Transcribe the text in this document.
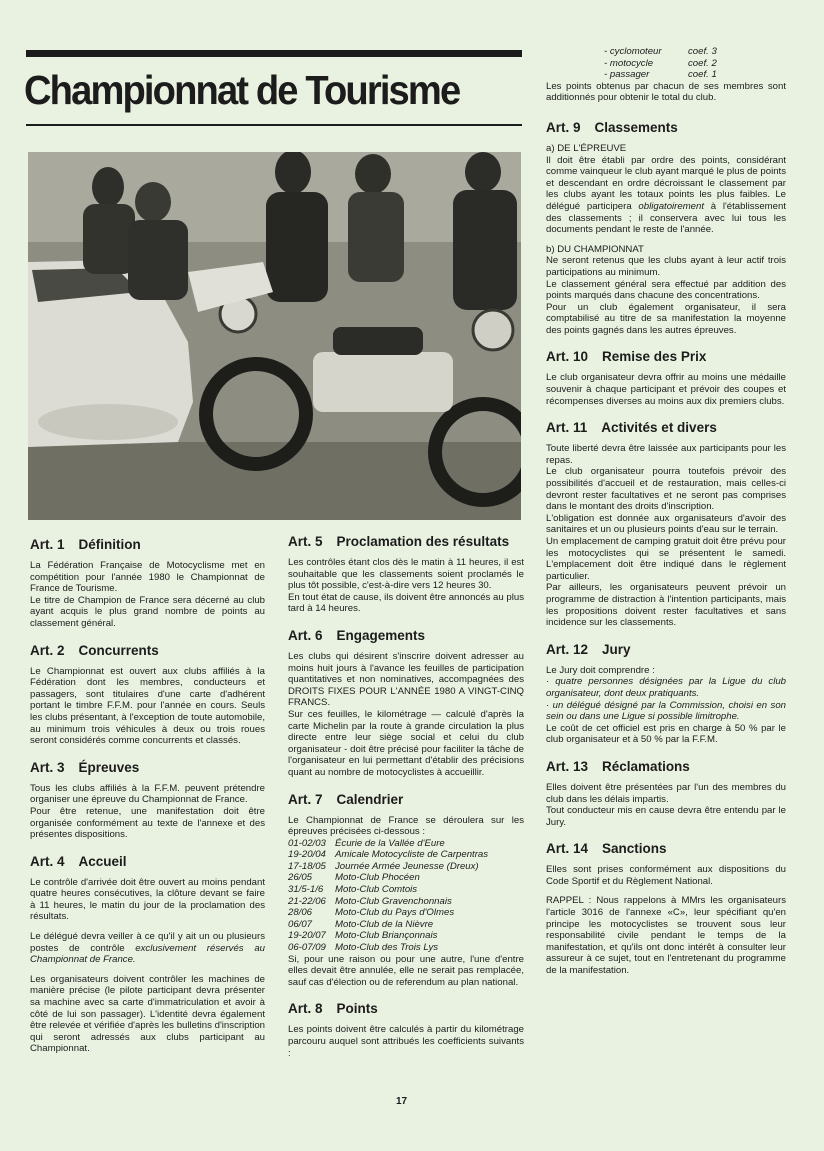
Championnat de Tourisme
Art. 1 Définition

La Fédération Française de Motocyclisme met en compétition pour l'année 1980 le Championnat de France de Tourisme.

Le titre de Champion de France sera décerné au club ayant acquis le plus grand nombre de points au classement général.

Art. 2 Concurrents

Le Championnat est ouvert aux clubs affiliés à la Fédération dont les membres, conducteurs et passagers, sont titulaires d'une carte d'adhérent portant le timbre F.F.M. pour l'année en cours. Seuls les clubs présentant, à l'exception de toute automobile, au minimum trois véhicules à deux ou trois roues seront considérés comme concurrents et classés.

Art. 3 Épreuves

Tous les clubs affiliés à la F.F.M. peuvent prétendre organiser une épreuve du Championnat de France.

Pour être retenue, une manifestation doit être organisée conformément au texte de l'annexe et des présentes dispositions.

Art. 4 Accueil

Le contrôle d'arrivée doit être ouvert au moins pendant quatre heures consécutives, la clôture devant se faire à 11 heures, le matin du jour de la proclamation des résultats.

Le délégué devra veiller à ce qu'il y ait un ou plusieurs postes de contrôle exclusivement réservés au Championnat de France.

Les organisateurs doivent contrôler les machines de manière précise (le pilote participant devra présenter sa machine avec sa carte d'immatriculation et avoir à côté de lui son passager). L'identité devra également être relevée et vérifiée d'après les bulletins d'inscription qui seront adressés aux clubs participant au Championnat.

Art. 5 Proclamation des résultats

Les contrôles étant clos dès le matin à 11 heures, il est souhaitable que les classements soient proclamés le plus tôt possible, c'est-à-dire vers 12 heures 30.

En tout état de cause, ils doivent être annoncés au plus tard à 14 heures.

Art. 6 Engagements

Les clubs qui désirent s'inscrire doivent adresser au moins huit jours à l'avance les feuilles de participation quantitatives et non nominatives, accompagnées des DROITS FIXES POUR L'ANNÉE 1980 A VINGT-CINQ FRANCS.

Sur ces feuilles, le kilométrage — calculé d'après la carte Michelin par la route à grande circulation la plus directe entre leur siège social et celui du club organisateur - doit être précisé pour faciliter la tâche de l'organisateur en lui permettant d'établir des précisions quant au nombre de motocyclistes à accueillir.

Art. 7 Calendrier

Le Championnat de France se déroulera sur les épreuves précisées ci-dessous :

01-02/03 Écurie de la Vallée d'Eure
19-20/04 Amicale Motocycliste de Carpentras
17-18/05 Journée Armée Jeunesse (Dreux)
26/05	Moto-Club Phocéen
31/5-1/6	Moto-Club Comtois
21-22/06 Moto-Club Gravenchonnais
28/06	Moto-Club du Pays d'Olmes
06/07	Moto-Club de la Nièvre
19-20/07 Moto-Club Briançonnais
06-07/09 Moto-Club des Trois Lys

Si, pour une raison ou pour une autre, l'une d'entre elles devait être annulée, elle ne serait pas remplacée, sauf cas d'élection ou de referendum au plan national.

Art. 8 Points

Les points doivent être calculés à partir du kilométrage parcouru auquel sont attribués les coefficients suivants :

- cyclomoteur	coef. 3
- motocycle	coef. 2
- passager	coef. 1

Les points obtenus par chacun de ses membres sont additionnés pour obtenir le total du club.

Art. 9 Classements
a) DE L'ÉPREUVE

Il doit être établi par ordre des points, considérant comme vainqueur le club ayant marqué le plus de points et descendant en ordre décroissant le classement par les clubs ayant les totaux points les plus faibles. Le délégué participera obligatoirement à l'établissement des classements ; il conservera avec lui tous les documents pendant le reste de l'année.

b) DU CHAMPIONNAT

Ne seront retenus que les clubs ayant à leur actif trois participations au minimum.

Le classement général sera effectué par addition des points marqués dans chacune des concentrations.

Pour un club également organisateur, il sera comptabilisé au titre de sa manifestation la moyenne des points gagnés dans les autres épreuves.

Art. 10 Remise des Prix

Le club organisateur devra offrir au moins une médaille souvenir à chaque participant et prévoir des coupes et récompenses diverses au moins aux dix premiers clubs.

Art. 11 Activités et divers

Toute liberté devra être laissée aux participants pour les repas.

Le club organisateur pourra toutefois prévoir des possibilités d'accueil et de restauration, mais celles-ci devront rester facultatives et ne seront pas comprises dans le montant des droits d'inscription.

L'obligation est donnée aux organisateurs d'avoir des sanitaires et un ou plusieurs points d'eau sur le terrain.

Un emplacement de camping gratuit doit être prévu pour les motocyclistes qui se présentent le samedi. L'emplacement doit être indiqué dans le règlement particulier.

Par ailleurs, les organisateurs peuvent prévoir un programme de distraction à l'intention participants, mais les propositions doivent rester facultatives et sans incidence sur les classements.

Art. 12 Jury

Le Jury doit comprendre :

· quatre personnes désignées par la Ligue du club organisateur, dont deux pratiquants.

· un délégué désigné par la Commission, choisi en son sein ou dans une Ligue si possible limitrophe.

Le coût de cet officiel est pris en charge à 50 % par le club organisateur et à 50 % par la F.F.M.

Art. 13 Réclamations

Elles doivent être présentées par l'un des membres du club dans les délais impartis.

Tout conducteur mis en cause devra être entendu par le Jury.

Art. 14 Sanctions

Elles sont prises conformément aux dispositions du Code Sportif et du Règlement National.

RAPPEL : Nous rappelons à MMrs les organisateurs l'article 3016 de l'annexe «C», leur spécifiant qu'en principe les motocyclistes se trouvent sous leur responsabilité civile pendant le temps de la manifestation, et qu'ils ont donc intérêt à consulter leur assureur à ce sujet, tout en l'entretenant du programme de la manifestation.

17
